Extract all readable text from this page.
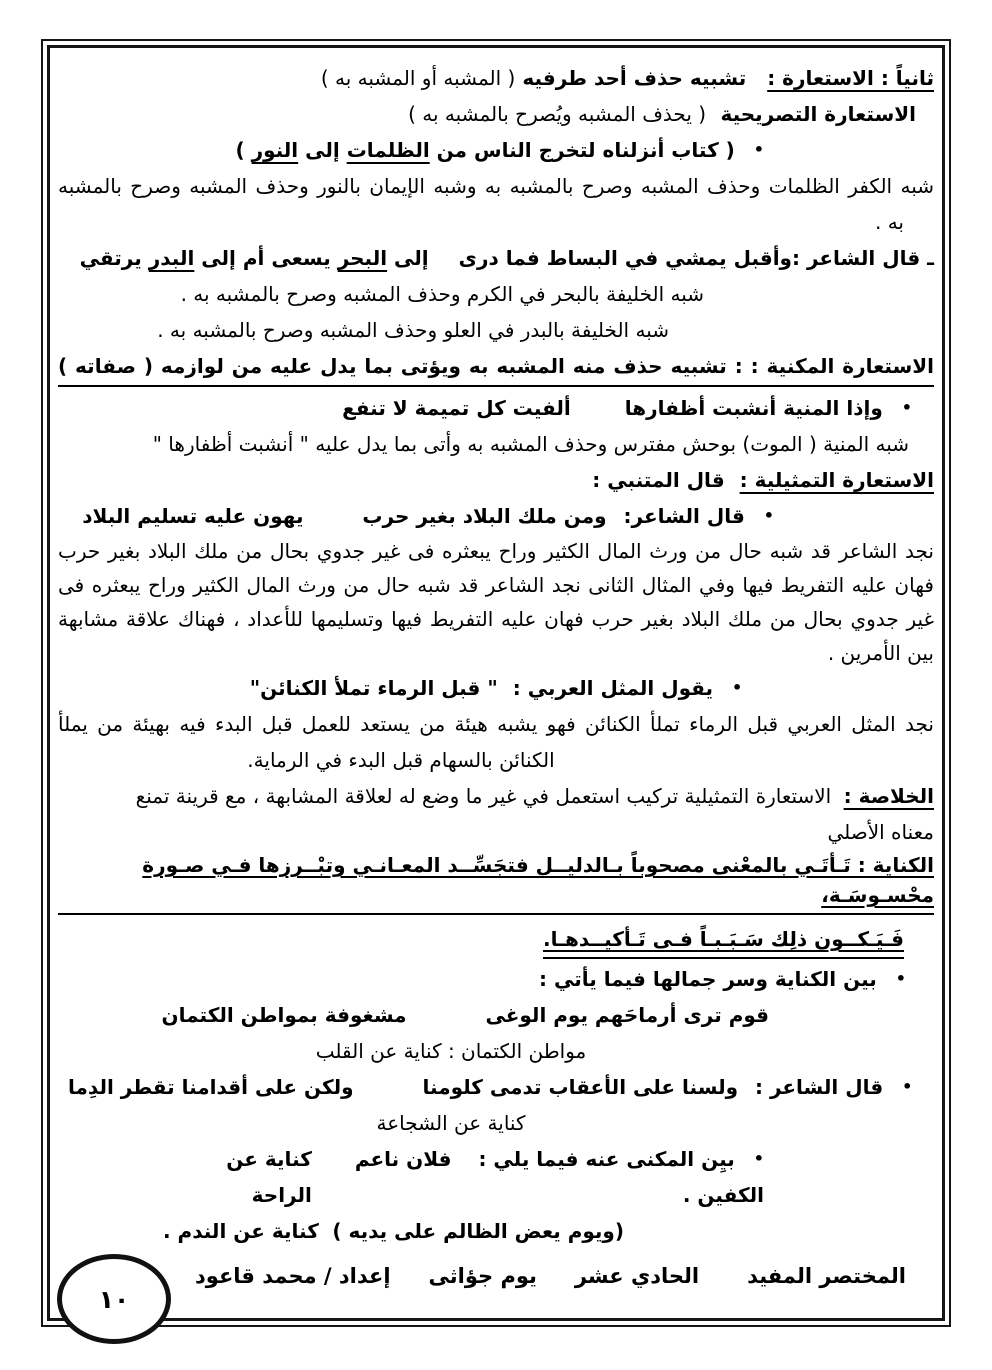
ثانياً : الاستعارة : تشبيه حذف أحد طرفيه ( المشبه أو المشبه به )
الاستعارة التصريحية ( يحذف المشبه ويُصرح بالمشبه به )
• ( كتاب أنزلناه لتخرج الناس من الظلمات إلى النور )
شبه الكفر الظلمات وحذف المشبه وصرح بالمشبه به وشبه الإيمان بالنور وحذف المشبه وصرح بالمشبه
به .
ـ قال الشاعر :وأقبل يمشي في البساط فما درىإلى البحر يسعى أم إلى البدر يرتقي
شبه الخليفة بالبحر في الكرم وحذف المشبه وصرح بالمشبه به .
شبه الخليفة بالبدر في العلو وحذف المشبه وصرح بالمشبه به .
الاستعارة المكنية : : تشبيه حذف منه المشبه به ويؤتى بما يدل عليه من لوازمه ( صفاته )
• وإذا المنية أنشبت أظفارها  ألفيت كل تميمة لا تنفع
شبه المنية ( الموت) بوحش مفترس وحذف المشبه به وأتى بما يدل عليه " أنشبت أظفارها "
الاستعارة التمثيلية : قال المتنبي :
• قال الشاعر: ومن ملك البلاد بغير حرب  يهون عليه تسليم البلاد
نجد الشاعر قد شبه حال من ورث المال الكثير وراح يبعثره فى غير جدوي بحال من ملك البلاد بغير حرب فهان عليه التفريط فيها وفي المثال الثانى نجد الشاعر قد شبه حال من ورث المال الكثير وراح يبعثره فى غير جدوي بحال من ملك البلاد بغير حرب فهان عليه التفريط فيها وتسليمها للأعداد ، فهناك علاقة مشابهة بين الأمرين .
• يقول المثل العربي : " قبل الرماء تملأ الكنائن"
نجد المثل العربي قبل الرماء تملأ الكنائن فهو يشبه هيئة من يستعد للعمل قبل البدء فيه بهيئة من يملأ
الكنائن بالسهام قبل البدء في الرماية.
الخلاصة : الاستعارة التمثيلية تركيب استعمل في غير ما وضع له لعلاقة المشابهة ، مع قرينة تمنع
معناه الأصلي
الكناية : تَـأتَـي بالمعْنى مصحوباً بـالدليــل فتجَسِّــد المعـانـي وتبْــرزها فـي صـورة محْسـوسَـة،
فَـيَـكــون ذلِك سَـبَـبـاً فـى تَـأكيــدهـا.
• بين الكناية وسر جمالها فيما يأتي :
قوم ترى أرماحَهم يوم الوغى  مشغوفة بمواطن الكتمان
مواطن الكتمان : كناية عن القلب
• قال الشاعر : ولسنا على الأعقاب تدمى كلومنا  ولكن على أقدامنا تقطر الدِما
كناية عن الشجاعة
• بيِن المكنى عنه فيما يلي : فلان ناعم الكفين .
كناية عن الراحة
(ويوم يعض الظالم على يديه )
كناية عن الندم .
المختصر المفيد
الحادي عشر
يوم جؤاثى
إعداد / محمد قاعود
١٠
